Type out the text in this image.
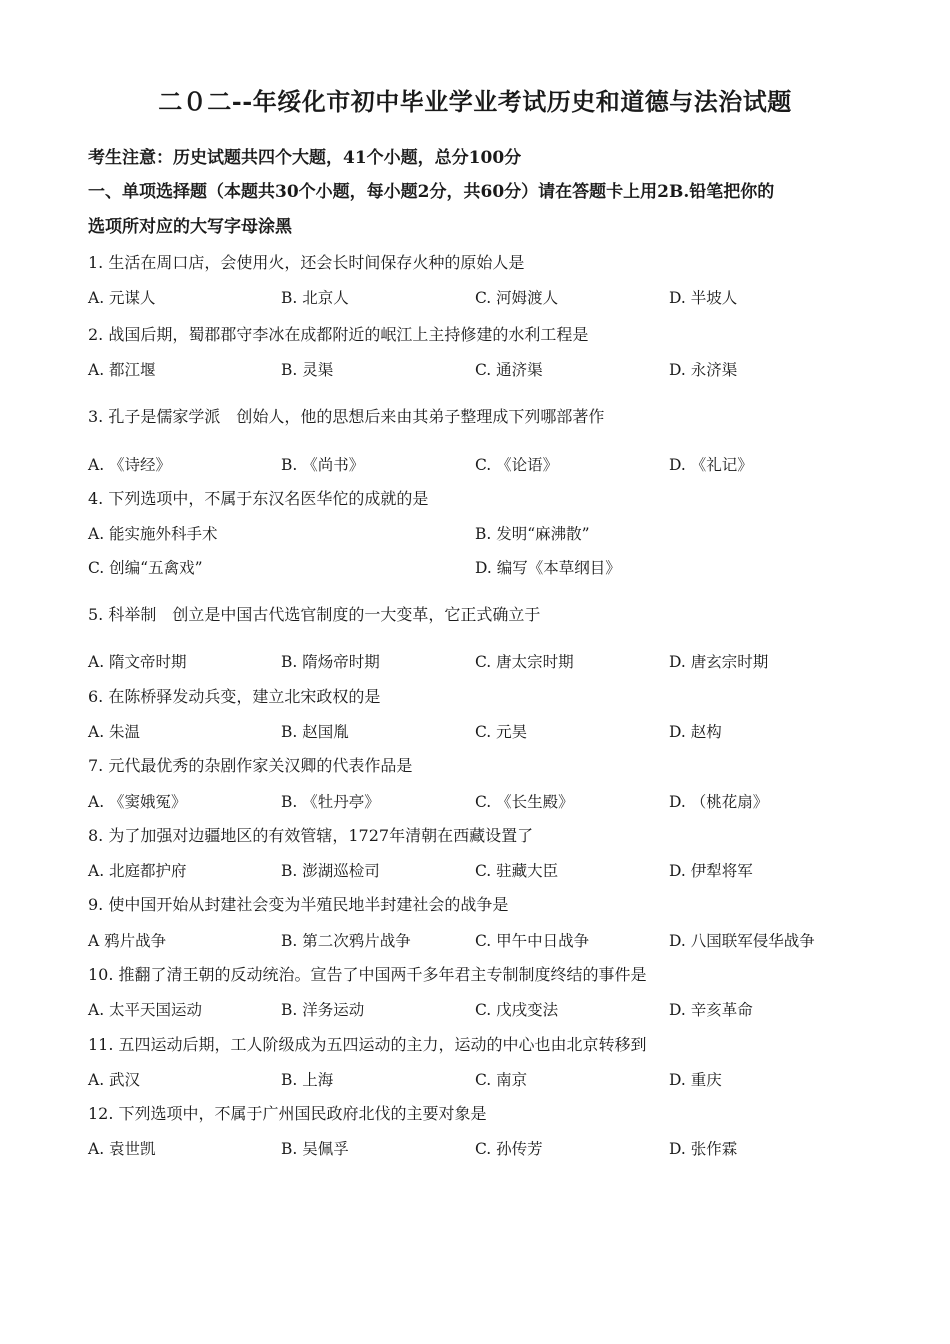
二０二--年绥化市初中毕业学业考试历史和道德与法治试题
考生注意：历史试题共四个大题，41个小题，总分100分
一、单项选择题（本题共30个小题，每小题2分，共60分）请在答题卡上用2B.铅笔把你的
选项所对应的大写字母涂黑
1. 生活在周口店，会使用火，还会长时间保存火种的原始人是
A. 元谋人	B. 北京人	C. 河姆渡人	D. 半坡人
2. 战国后期，蜀郡郡守李冰在成都附近的岷江上主持修建的水利工程是
A. 都江堰	B. 灵渠	C. 通济渠	D. 永济渠
3. 孔子是儒家学派　创始人，他的思想后来由其弟子整理成下列哪部著作
A. 《诗经》	B. 《尚书》	C. 《论语》	D. 《礼记》
4. 下列选项中，不属于东汉名医华佗的成就的是
A. 能实施外科手术	B. 发明“麻沸散”
C. 创编“五禽戏”	D. 编写《本草纲目》
5. 科举制　创立是中国古代选官制度的一大变革，它正式确立于
A. 隋文帝时期	B. 隋炀帝时期	C. 唐太宗时期	D. 唐玄宗时期
6. 在陈桥驿发动兵变，建立北宋政权的是
A. 朱温	B. 赵国胤	C. 元昊	D. 赵构
7. 元代最优秀的杂剧作家关汉卿的代表作品是
A. 《窦娥冤》	B. 《牡丹亭》	C. 《长生殿》	D. （桃花扇》
8. 为了加强对边疆地区的有效管辖，1727年清朝在西藏设置了
A. 北庭都护府	B. 澎湖巡检司	C. 驻藏大臣	D. 伊犁将军
9. 使中国开始从封建社会变为半殖民地半封建社会的战争是
A 鸦片战争	B. 第二次鸦片战争	C. 甲午中日战争	D. 八国联军侵华战争
10. 推翻了清王朝的反动统治。宣告了中国两千多年君主专制制度终结的事件是
A. 太平天国运动	B. 洋务运动	C. 戊戌变法	D. 辛亥革命
11. 五四运动后期，工人阶级成为五四运动的主力，运动的中心也由北京转移到
A. 武汉	B. 上海	C. 南京	D. 重庆
12. 下列选项中，不属于广州国民政府北伐的主要对象是
A. 袁世凯	B. 吴佩孚	C. 孙传芳	D. 张作霖
